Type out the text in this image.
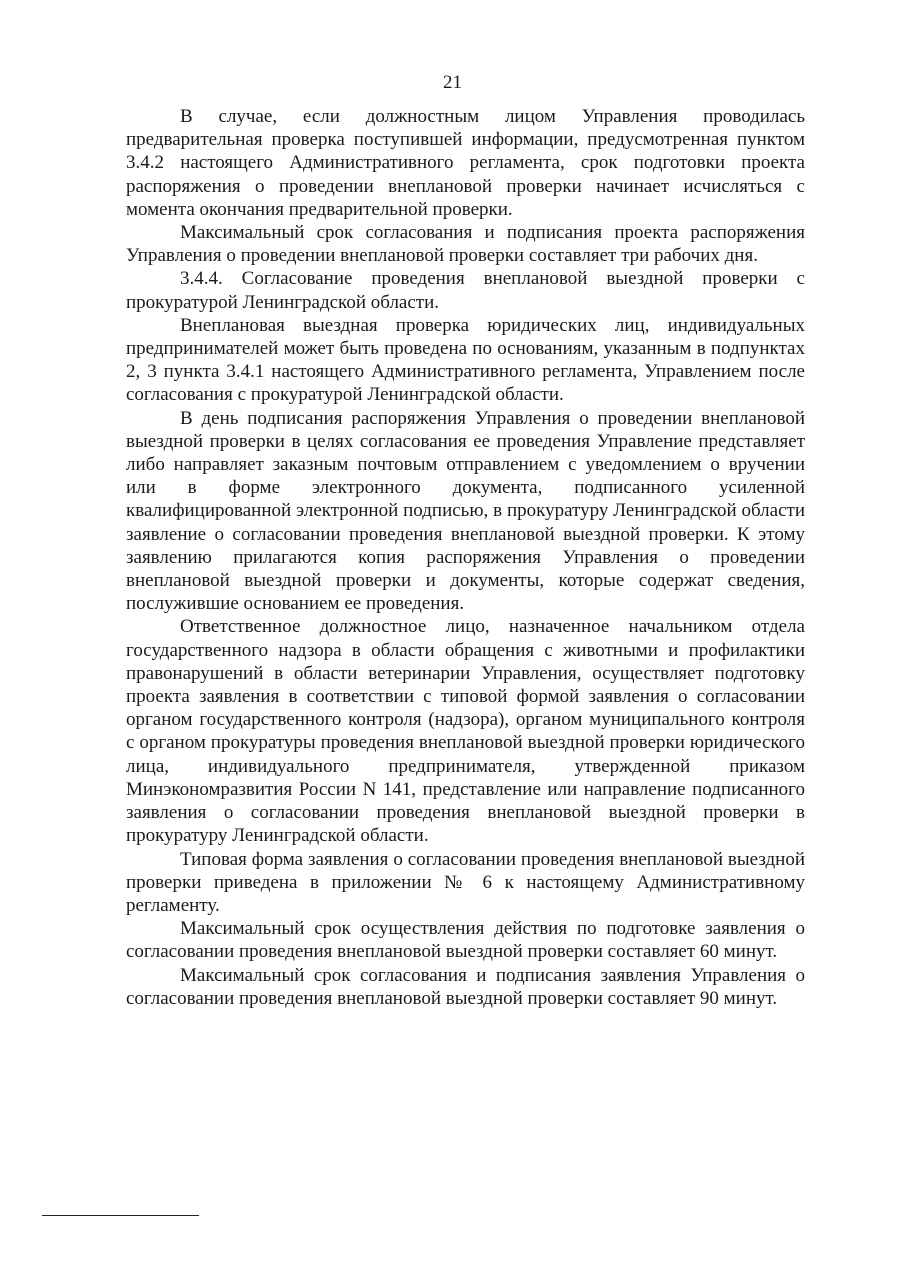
21

В случае, если должностным лицом Управления проводилась предварительная проверка поступившей информации, предусмотренная пунктом 3.4.2 настоящего Административного регламента, срок подготовки проекта распоряжения о проведении внеплановой проверки начинает исчисляться с момента окончания предварительной проверки.

Максимальный срок согласования и подписания проекта распоряжения Управления о проведении внеплановой проверки составляет три рабочих дня.

3.4.4. Согласование проведения внеплановой выездной проверки с прокуратурой Ленинградской области.

Внеплановая выездная проверка юридических лиц, индивидуальных предпринимателей может быть проведена по основаниям, указанным в подпунктах 2, 3 пункта 3.4.1 настоящего Административного регламента, Управлением после согласования с прокуратурой Ленинградской области.

В день подписания распоряжения Управления о проведении внеплановой выездной проверки в целях согласования ее проведения Управление представляет либо направляет заказным почтовым отправлением с уведомлением о вручении или в форме электронного документа, подписанного усиленной квалифицированной электронной подписью, в прокуратуру Ленинградской области заявление о согласовании проведения внеплановой выездной проверки. К этому заявлению прилагаются копия распоряжения Управления о проведении внеплановой выездной проверки и документы, которые содержат сведения, послужившие основанием ее проведения.

Ответственное должностное лицо, назначенное начальником отдела государственного надзора в области обращения с животными и профилактики правонарушений в области ветеринарии Управления, осуществляет подготовку проекта заявления в соответствии с типовой формой заявления о согласовании органом государственного контроля (надзора), органом муниципального контроля с органом прокуратуры проведения внеплановой выездной проверки юридического лица, индивидуального предпринимателя, утвержденной приказом Минэкономразвития России N 141, представление или направление подписанного заявления о согласовании проведения внеплановой выездной проверки в прокуратуру Ленинградской области.

Типовая форма заявления о согласовании проведения внеплановой выездной проверки приведена в приложении № 6 к настоящему Административному регламенту.

Максимальный срок осуществления действия по подготовке заявления о согласовании проведения внеплановой выездной проверки составляет 60 минут.

Максимальный срок согласования и подписания заявления Управления о согласовании проведения внеплановой выездной проверки составляет 90 минут.
